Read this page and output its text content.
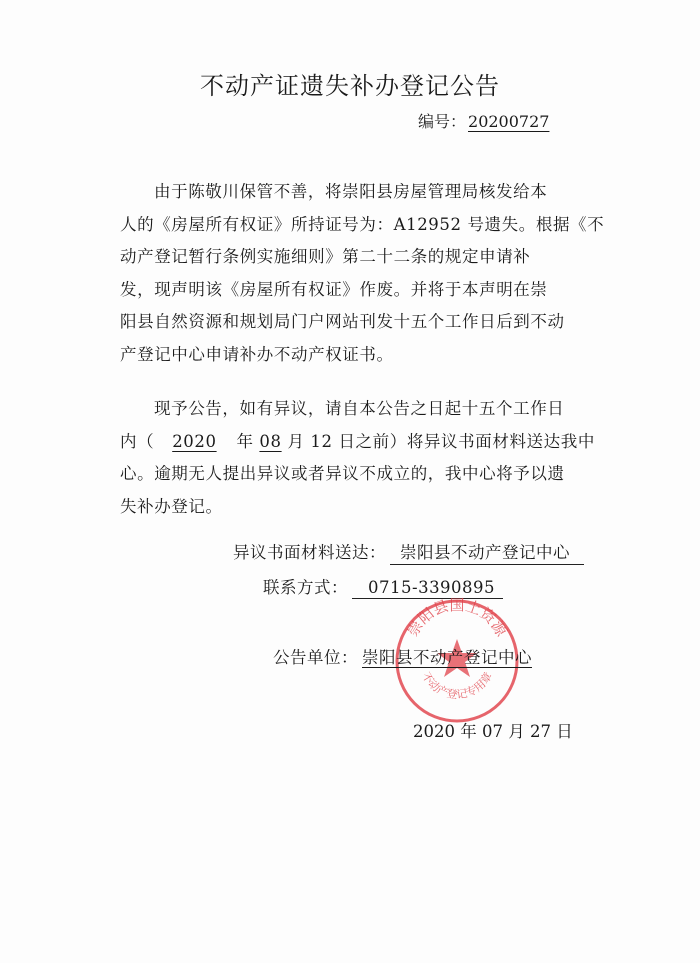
不动产证遗失补办登记公告
编号： 20200727
由于陈敬川保管不善，将崇阳县房屋管理局核发给本
人的《房屋所有权证》所持证号为：A12952 号遗失。根据《不
动产登记暂行条例实施细则》第二十二条的规定申请补
发，现声明该《房屋所有权证》作废。并将于本声明在崇
阳县自然资源和规划局门户网站刊发十五个工作日后到不动
产登记中心申请补办不动产权证书。
现予公告，如有异议，请自本公告之日起十五个工作日
内（ 2020 年 08 月 12 日之前）将异议书面材料送达我中
心。逾期无人提出异议或者异议不成立的，我中心将予以遗
失补办登记。
异议书面材料送达： 崇阳县不动产登记中心
联系方式： 0715-3390895
崇阳县国土资源
不动产登记专用章
公告单位： 崇阳县不动产登记中心
2020 年 07 月 27 日
